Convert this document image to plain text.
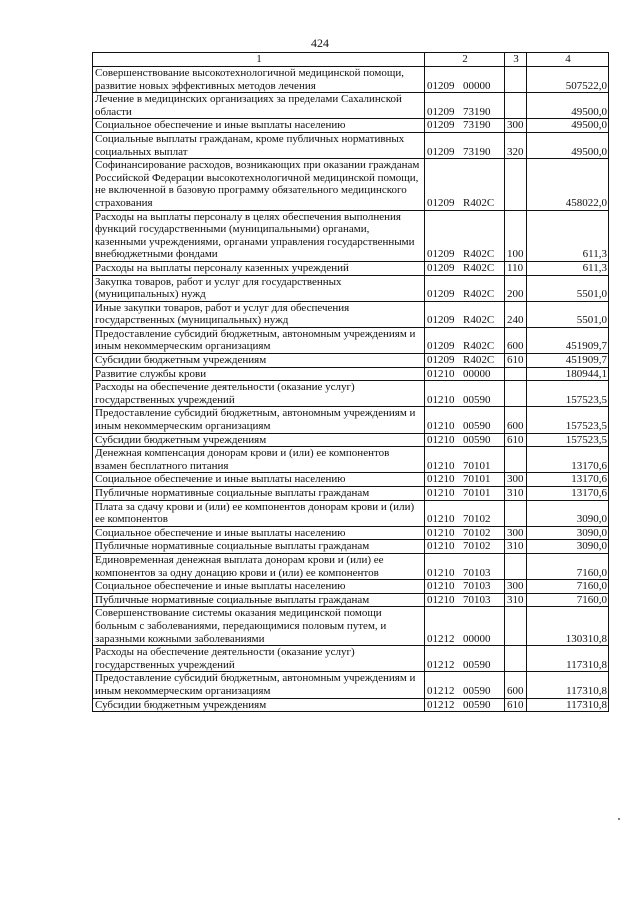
424
1	2	3	4
Совершенствование высокотехнологичной медицинской помощи, развитие новых эффективных методов лечения	01209 00000		507522,0
Лечение в медицинских организациях за пределами Сахалинской области	01209 73190		49500,0
Социальное обеспечение и иные выплаты населению	01209 73190	300	49500,0
Социальные выплаты гражданам, кроме публичных нормативных социальных выплат	01209 73190	320	49500,0
Софинансирование расходов, возникающих при оказании гражданам Российской Федерации высокотехнологичной медицинской помощи, не включенной в базовую программу обязательного медицинского страхования	01209 R402C		458022,0
Расходы на выплаты персоналу в целях обеспечения выполнения функций государственными (муниципальными) органами, казенными учреждениями, органами управления государственными внебюджетными фондами	01209 R402C	100	611,3
Расходы на выплаты персоналу казенных учреждений	01209 R402C	110	611,3
Закупка товаров, работ и услуг для государственных (муниципальных) нужд	01209 R402C	200	5501,0
Иные закупки товаров, работ и услуг для обеспечения государственных (муниципальных) нужд	01209 R402C	240	5501,0
Предоставление субсидий бюджетным, автономным учреждениям и иным некоммерческим организациям	01209 R402C	600	451909,7
Субсидии бюджетным учреждениям	01209 R402C	610	451909,7
Развитие службы крови	01210 00000		180944,1
Расходы на обеспечение деятельности (оказание услуг) государственных учреждений	01210 00590		157523,5
Предоставление субсидий бюджетным, автономным учреждениям и иным некоммерческим организациям	01210 00590	600	157523,5
Субсидии бюджетным учреждениям	01210 00590	610	157523,5
Денежная компенсация донорам крови и (или) ее компонентов взамен бесплатного питания	01210 70101		13170,6
Социальное обеспечение и иные выплаты населению	01210 70101	300	13170,6
Публичные нормативные социальные выплаты гражданам	01210 70101	310	13170,6
Плата за сдачу крови и (или) ее компонентов донорам крови и (или) ее компонентов	01210 70102		3090,0
Социальное обеспечение и иные выплаты населению	01210 70102	300	3090,0
Публичные нормативные социальные выплаты гражданам	01210 70102	310	3090,0
Единовременная денежная выплата донорам крови и (или) ее компонентов за одну донацию крови и (или) ее компонентов	01210 70103		7160,0
Социальное обеспечение и иные выплаты населению	01210 70103	300	7160,0
Публичные нормативные социальные выплаты гражданам	01210 70103	310	7160,0
Совершенствование системы оказания медицинской помощи больным с заболеваниями, передающимися половым путем, и заразными кожными заболеваниями	01212 00000		130310,8
Расходы на обеспечение деятельности (оказание услуг) государственных учреждений	01212 00590		117310,8
Предоставление субсидий бюджетным, автономным учреждениям и иным некоммерческим организациям	01212 00590	600	117310,8
Субсидии бюджетным учреждениям	01212 00590	610	117310,8
